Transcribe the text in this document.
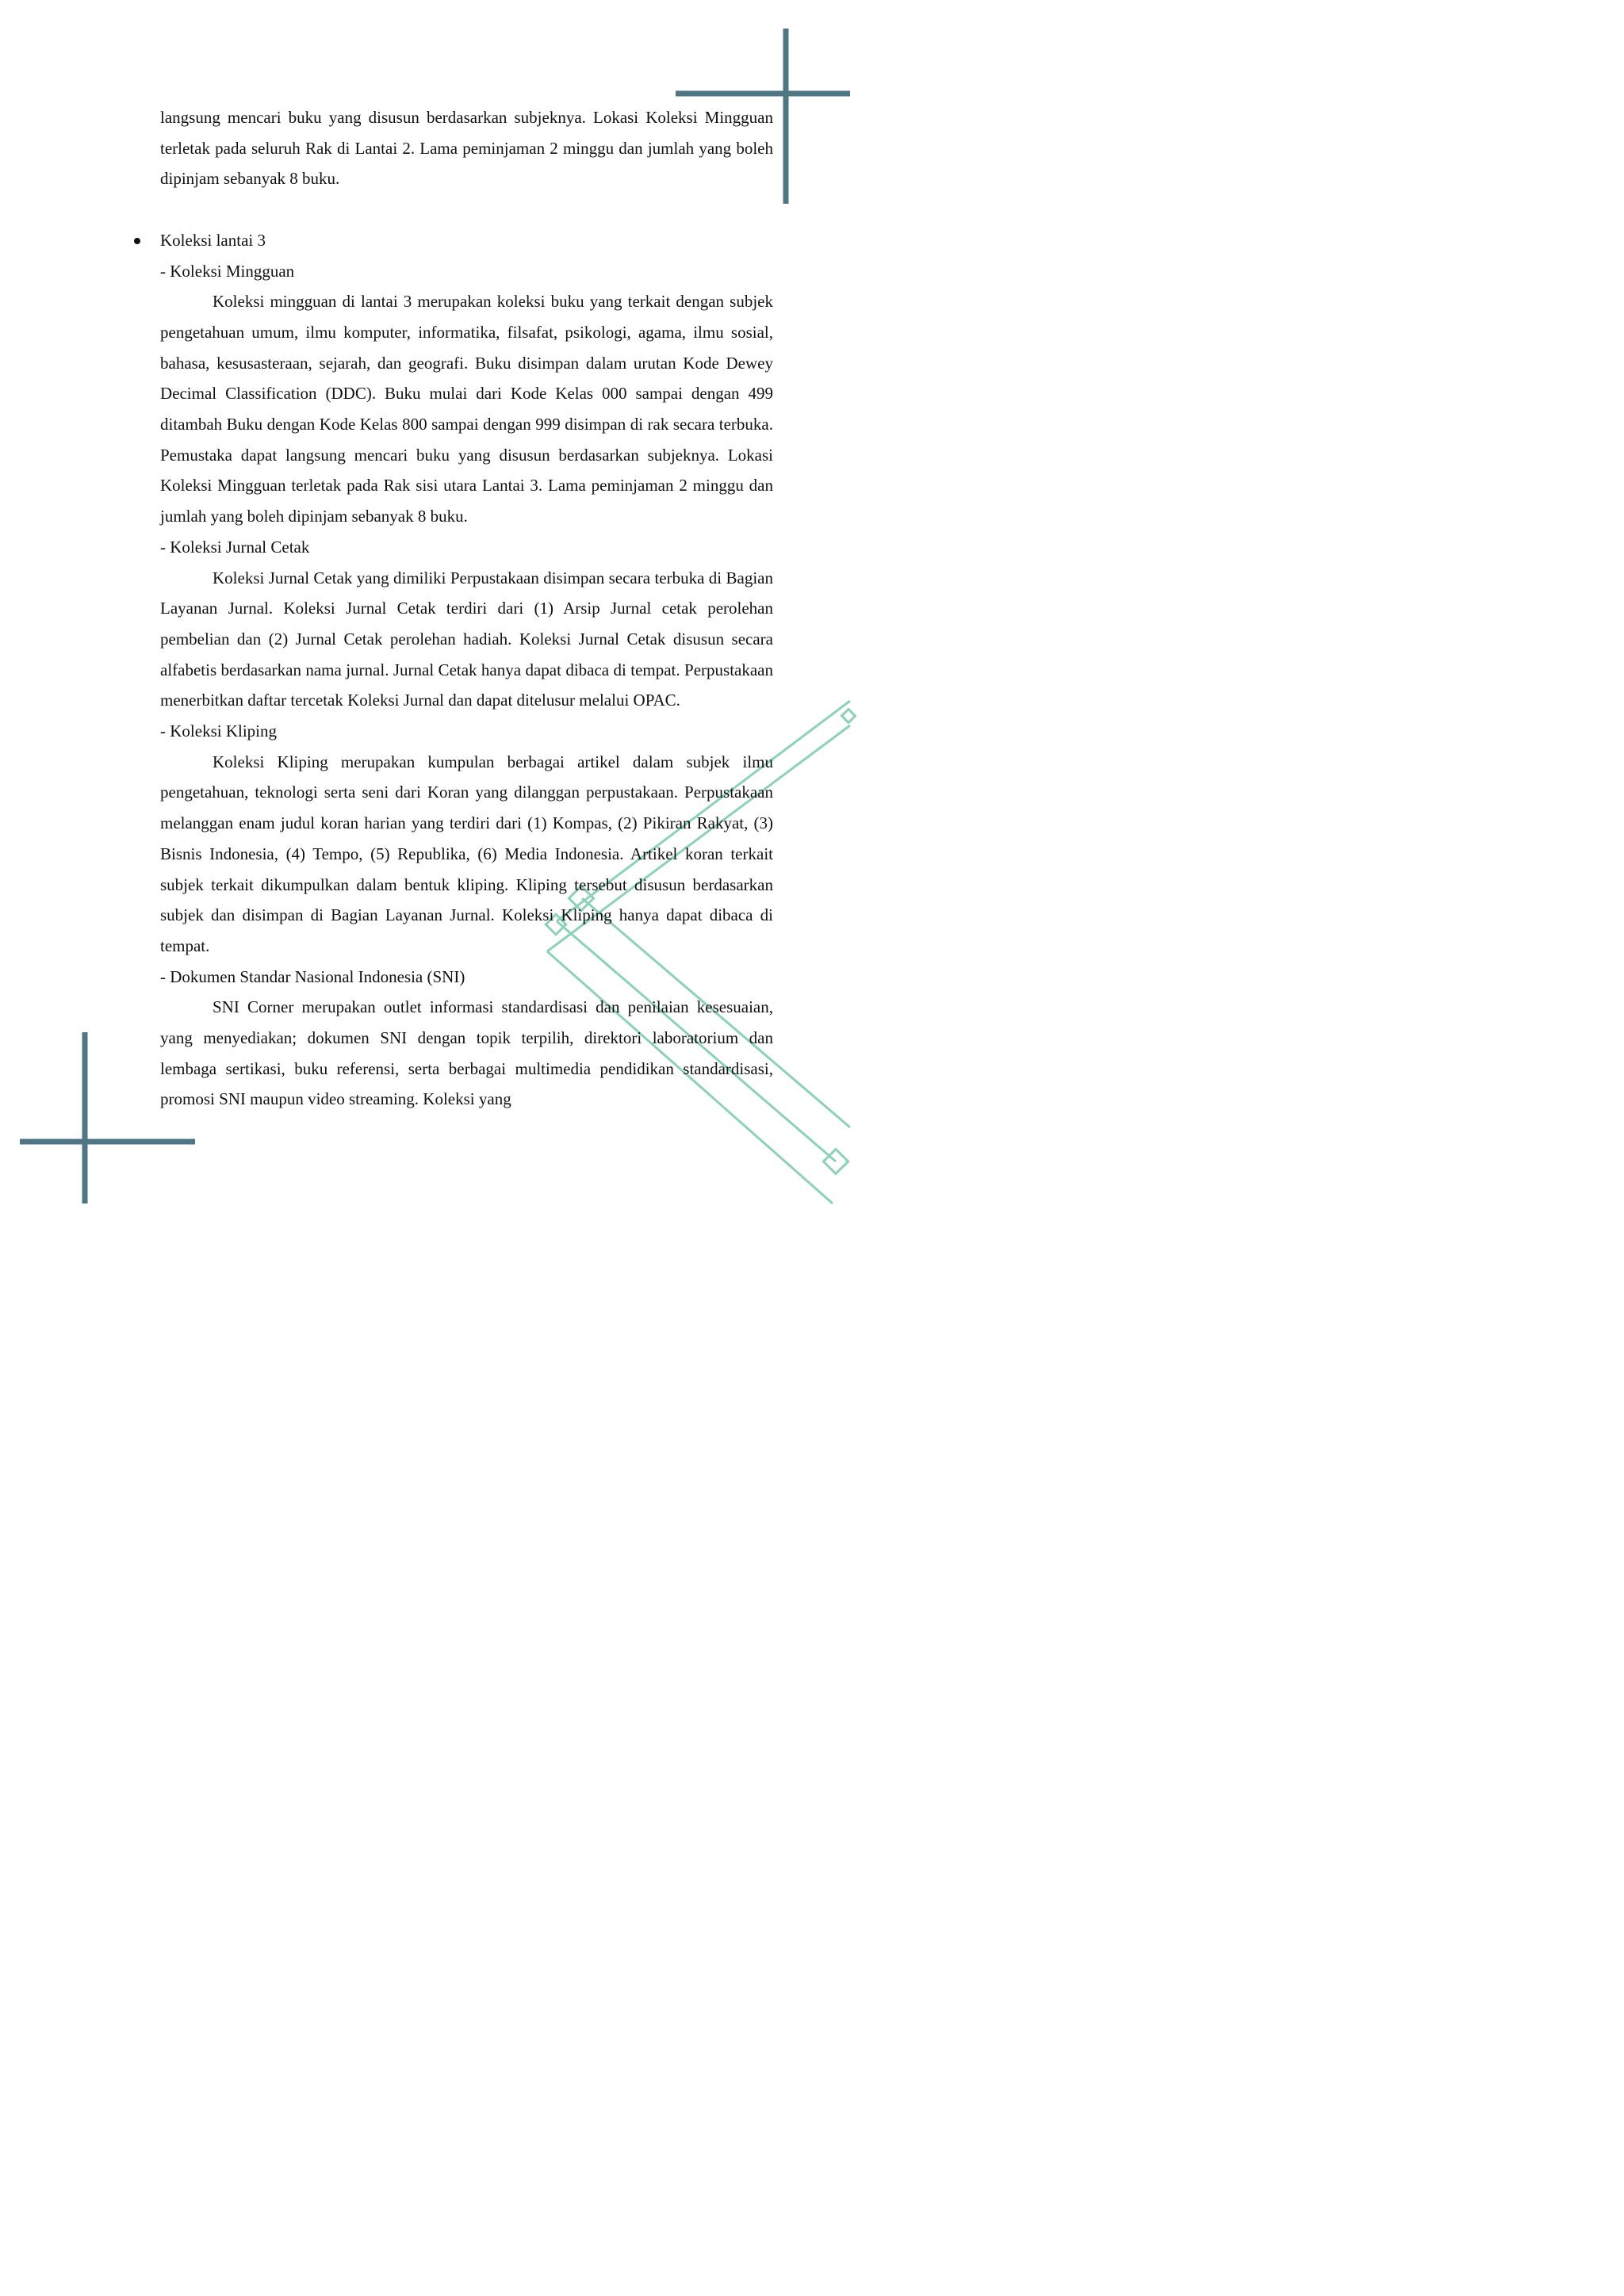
langsung mencari buku yang disusun berdasarkan subjeknya. Lokasi Koleksi Mingguan terletak pada seluruh Rak di Lantai 2. Lama peminjaman 2 minggu dan jumlah yang boleh dipinjam sebanyak 8 buku.

Koleksi lantai 3

- Koleksi Mingguan

Koleksi mingguan di lantai 3 merupakan koleksi buku yang terkait dengan subjek pengetahuan umum, ilmu komputer, informatika, filsafat, psikologi, agama, ilmu sosial, bahasa, kesusasteraan, sejarah, dan geografi. Buku disimpan dalam urutan Kode Dewey Decimal Classification (DDC). Buku mulai dari Kode Kelas 000 sampai dengan 499 ditambah Buku dengan Kode Kelas 800 sampai dengan 999 disimpan di rak secara terbuka. Pemustaka dapat langsung mencari buku yang disusun berdasarkan subjeknya. Lokasi Koleksi Mingguan terletak pada Rak sisi utara Lantai 3. Lama peminjaman 2 minggu dan jumlah yang boleh dipinjam sebanyak 8 buku.

- Koleksi Jurnal Cetak

Koleksi Jurnal Cetak yang dimiliki Perpustakaan disimpan secara terbuka di Bagian Layanan Jurnal. Koleksi Jurnal Cetak terdiri dari (1) Arsip Jurnal cetak perolehan pembelian dan (2) Jurnal Cetak perolehan hadiah. Koleksi Jurnal Cetak disusun secara alfabetis berdasarkan nama jurnal. Jurnal Cetak hanya dapat dibaca di tempat. Perpustakaan menerbitkan daftar tercetak Koleksi Jurnal dan dapat ditelusur melalui OPAC.

- Koleksi Kliping

Koleksi Kliping merupakan kumpulan berbagai artikel dalam subjek ilmu pengetahuan, teknologi serta seni dari Koran yang dilanggan perpustakaan. Perpustakaan melanggan enam judul koran harian yang terdiri dari (1) Kompas, (2) Pikiran Rakyat, (3) Bisnis Indonesia, (4) Tempo, (5) Republika, (6) Media Indonesia. Artikel koran terkait subjek terkait dikumpulkan dalam bentuk kliping. Kliping tersebut disusun berdasarkan subjek dan disimpan di Bagian Layanan Jurnal. Koleksi Kliping hanya dapat dibaca di tempat.

- Dokumen Standar Nasional Indonesia (SNI)

SNI Corner merupakan outlet informasi standardisasi dan penilaian kesesuaian, yang menyediakan; dokumen SNI dengan topik terpilih, direktori laboratorium dan lembaga sertikasi, buku referensi, serta berbagai multimedia pendidikan standardisasi, promosi SNI maupun video streaming. Koleksi yang
